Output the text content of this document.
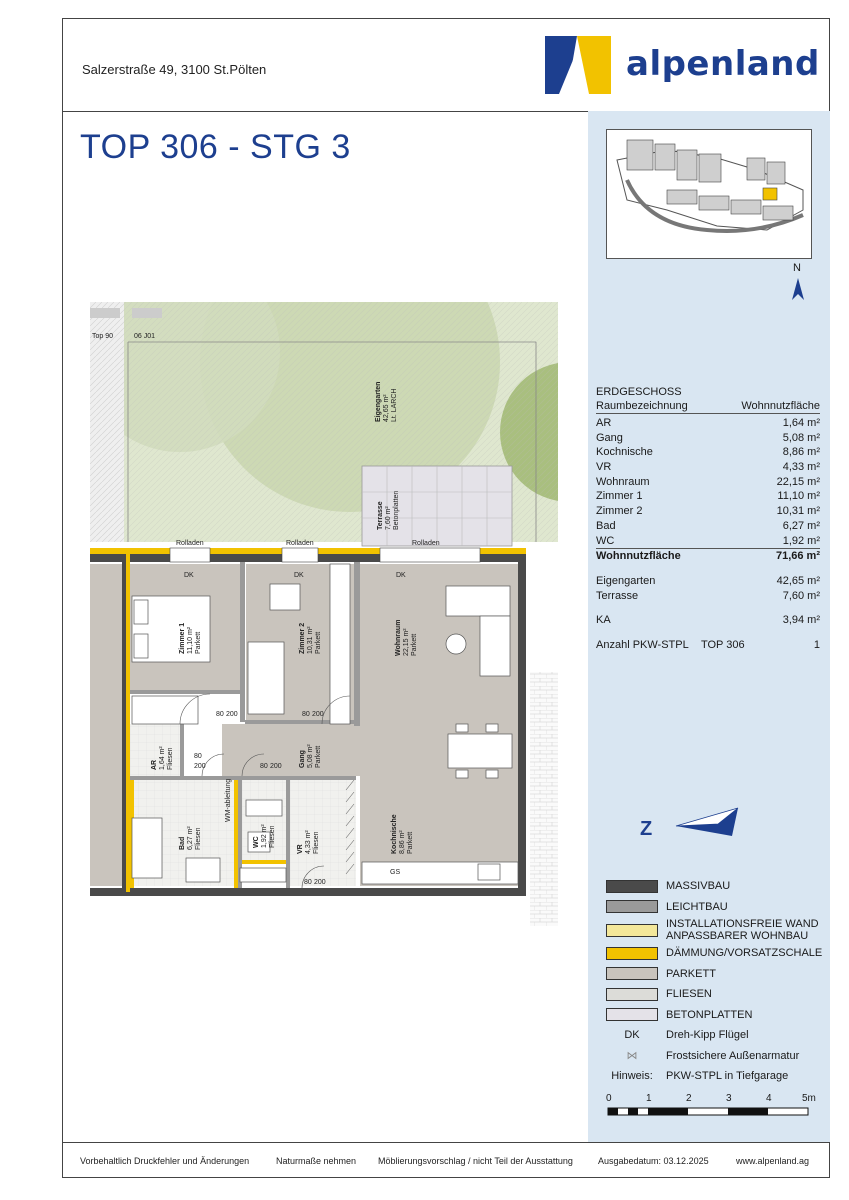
Salzerstraße 49, 3100 St.Pölten	alpenland
TOP 306 - STG 3
N
ERDGESCHOSS
Raumbezeichnung	Wohnnutzfläche
AR	1,64 m²
Gang	5,08 m²
Kochnische	8,86 m²
VR	4,33 m²
Wohnraum	22,15 m²
Zimmer 1	11,10 m²
Zimmer 2	10,31 m²
Bad	6,27 m²
WC	1,92 m²
Wohnnutzfläche	71,66 m²
Eigengarten	42,65 m²
Terrasse	7,60 m²
KA	3,94 m²
Anzahl PKW-STPL TOP 306	1
Z
MASSIVBAU
LEICHTBAU
INSTALLATIONSFREIE WAND
ANPASSBARER WOHNBAU
DÄMMUNG/VORSATZSCHALE
PARKETT
FLIESEN
BETONPLATTEN
DK	Dreh-Kipp Flügel
⋈	Frostsichere Außenarmatur
Hinweis:	PKW-STPL in Tiefgarage
0	1	2	3	4	5m
Top 90	06 J01
Terrasse 7,60 m² Betonplatten
Eigengarten 42,65 m² Lt. LARCH
Rolladen	Rolladen	Rolladen
DK	DK	DK
GS
WM-ableitung
80 200	80 200
80
200	80 200
80 200
Zimmer 1 11,10 m² Parkett	Zimmer 2 10,31 m² Parkett	Wohnraum 22,15 m² Parkett
Kochnische 8,86 m² Parkett
Gang 5,08 m² Parkett
AR 1,64 m² Fliesen
Bad 6,27 m² Fliesen	WC 1,92 m² Fliesen
VR 4,33 m² Fliesen
Vorbehaltlich Druckfehler und Änderungen	Naturmaße nehmen Möblierungsvorschlag / nicht Teil der Ausstattung	Ausgabedatum: 03.12.2025	www.alpenland.ag
